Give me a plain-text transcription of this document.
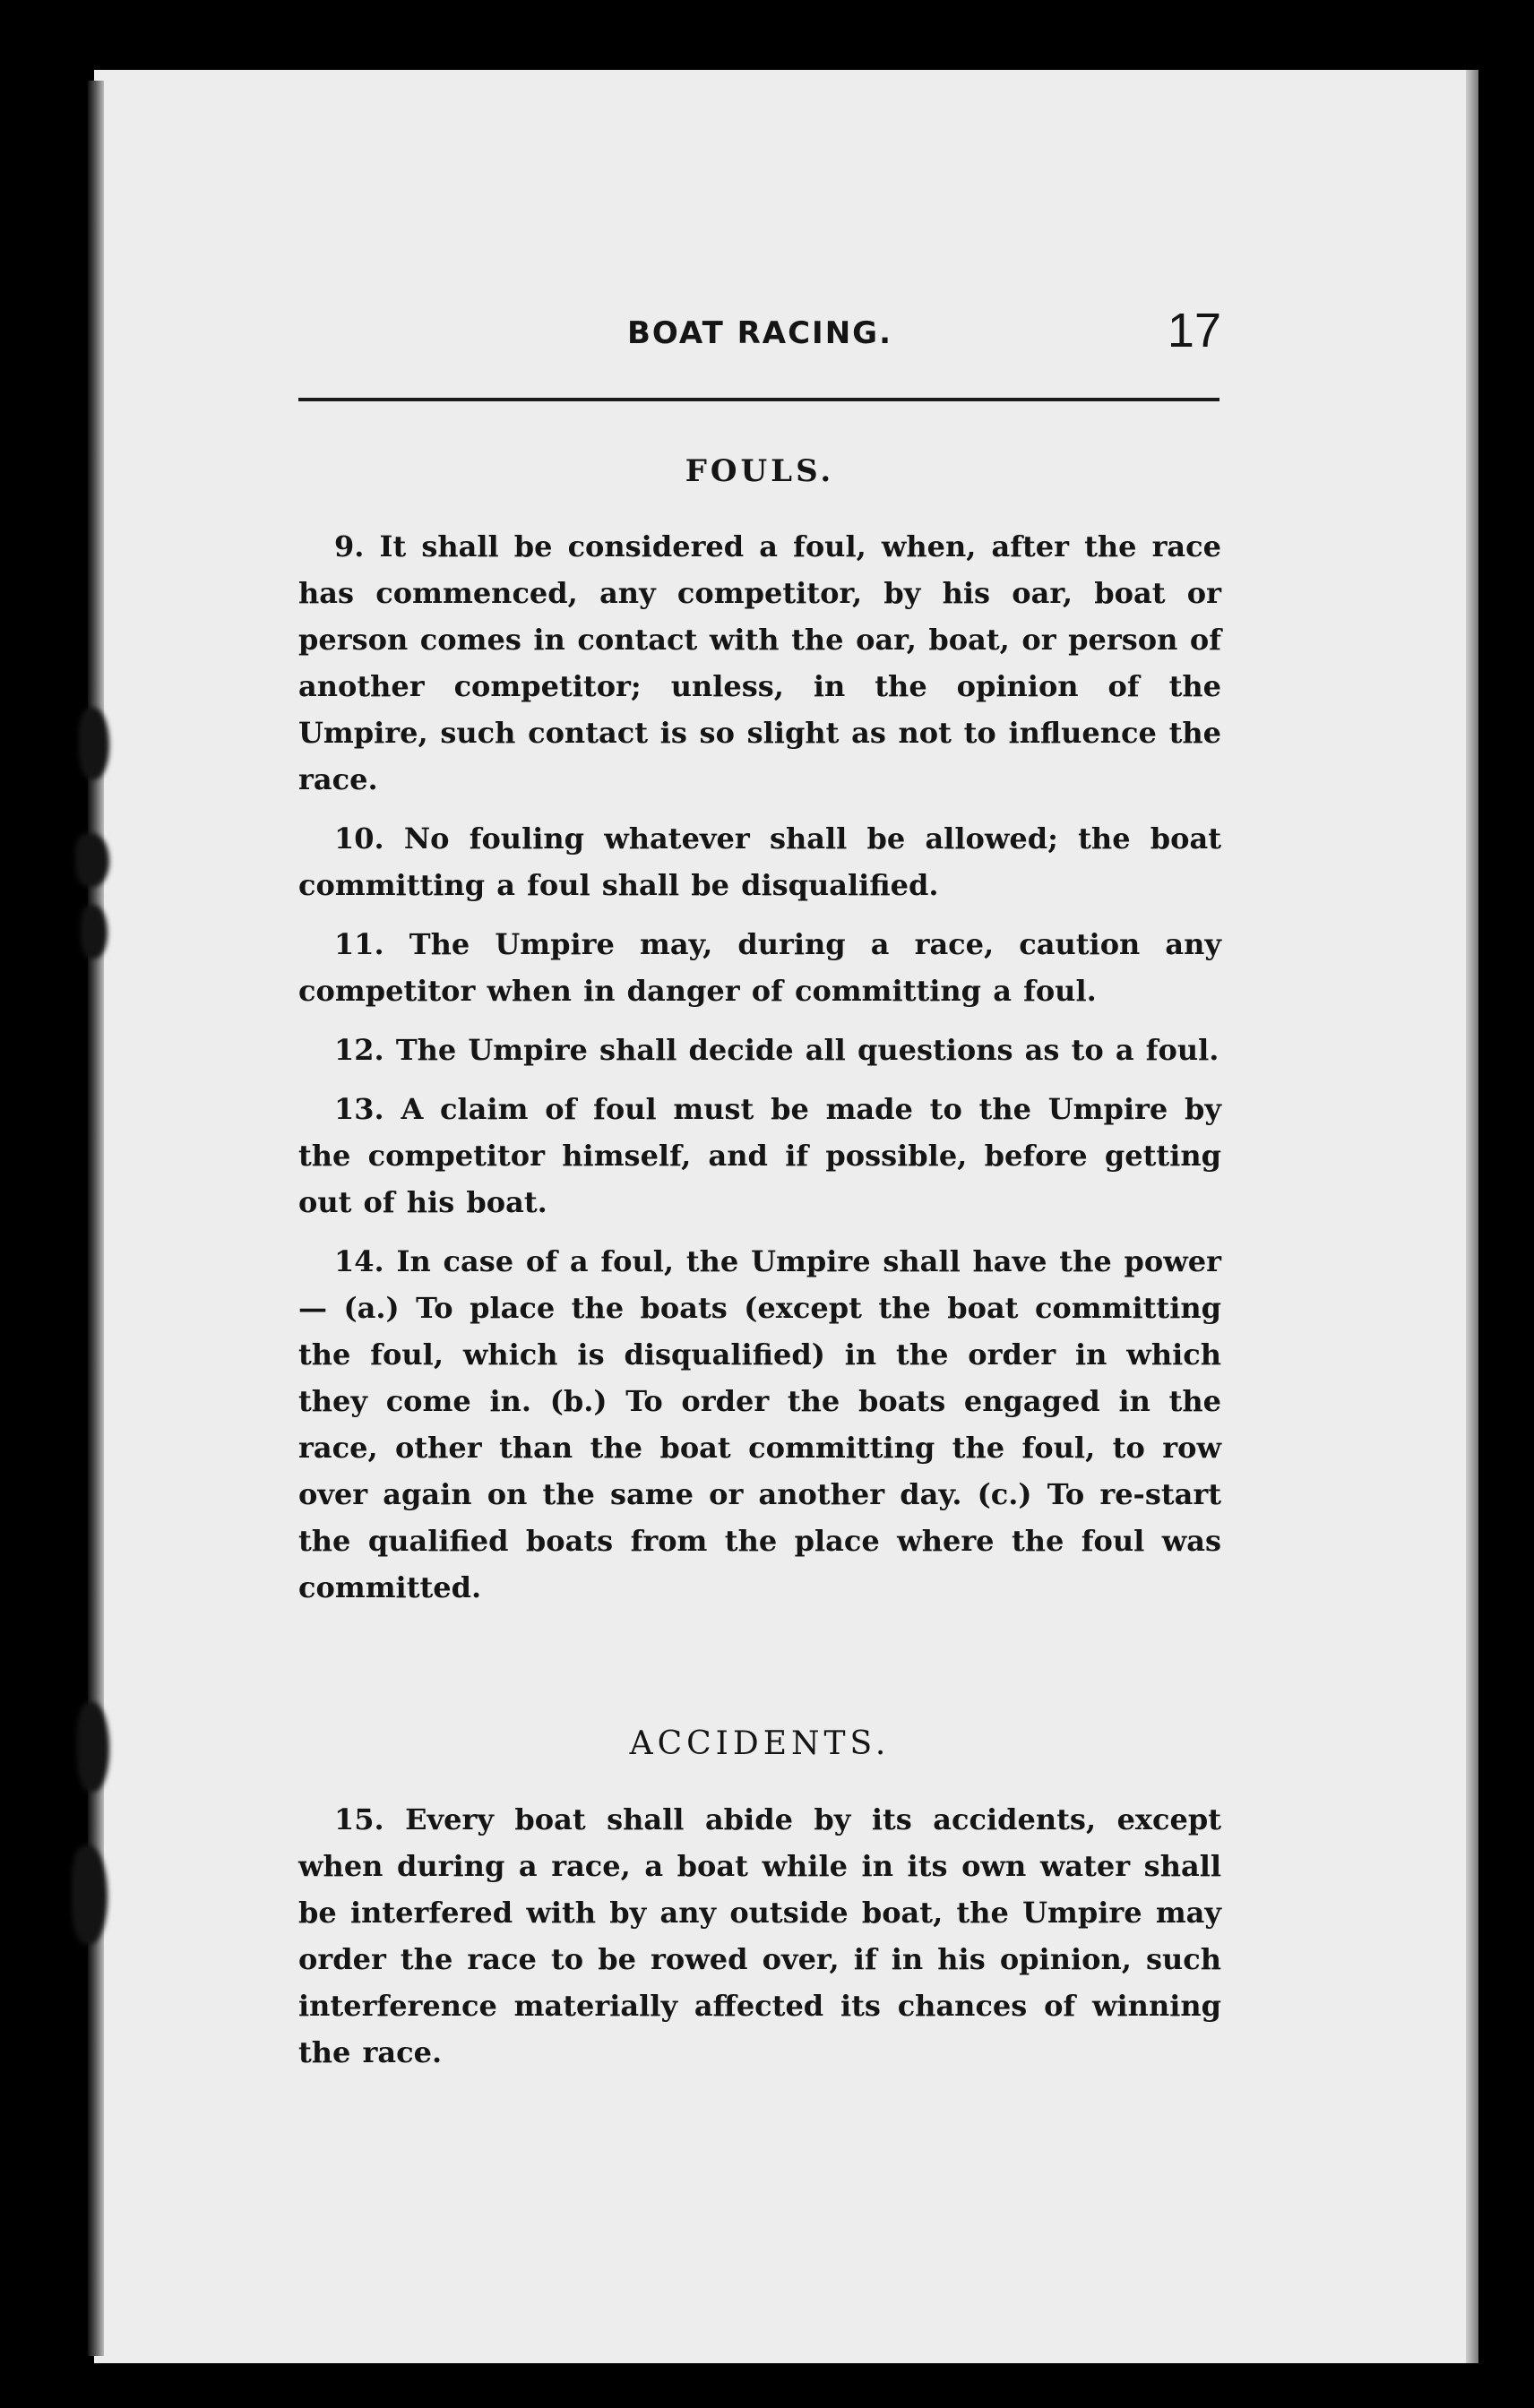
BOAT RACING.	17
FOULS.

9. It shall be considered a foul, when, after the race has commenced, any competitor, by his oar, boat or person comes in contact with the oar, boat, or person of another competitor; unless, in the opinion of the Umpire, such contact is so slight as not to influence the race.

10. No fouling whatever shall be allowed; the boat committing a foul shall be disqualified.

11. The Umpire may, during a race, caution any competitor when in danger of committing a foul.

12. The Umpire shall decide all questions as to a foul.

13. A claim of foul must be made to the Umpire by the competitor himself, and if possible, before getting out of his boat.

14. In case of a foul, the Umpire shall have the power — (a.) To place the boats (except the boat committing the foul, which is disqualified) in the order in which they come in. (b.) To order the boats engaged in the race, other than the boat committing the foul, to row over again on the same or another day. (c.) To re-start the qualified boats from the place where the foul was committed.

ACCIDENTS.

15. Every boat shall abide by its accidents, except when during a race, a boat while in its own water shall be interfered with by any outside boat, the Umpire may order the race to be rowed over, if in his opinion, such interference materially affected its chances of winning the race.
